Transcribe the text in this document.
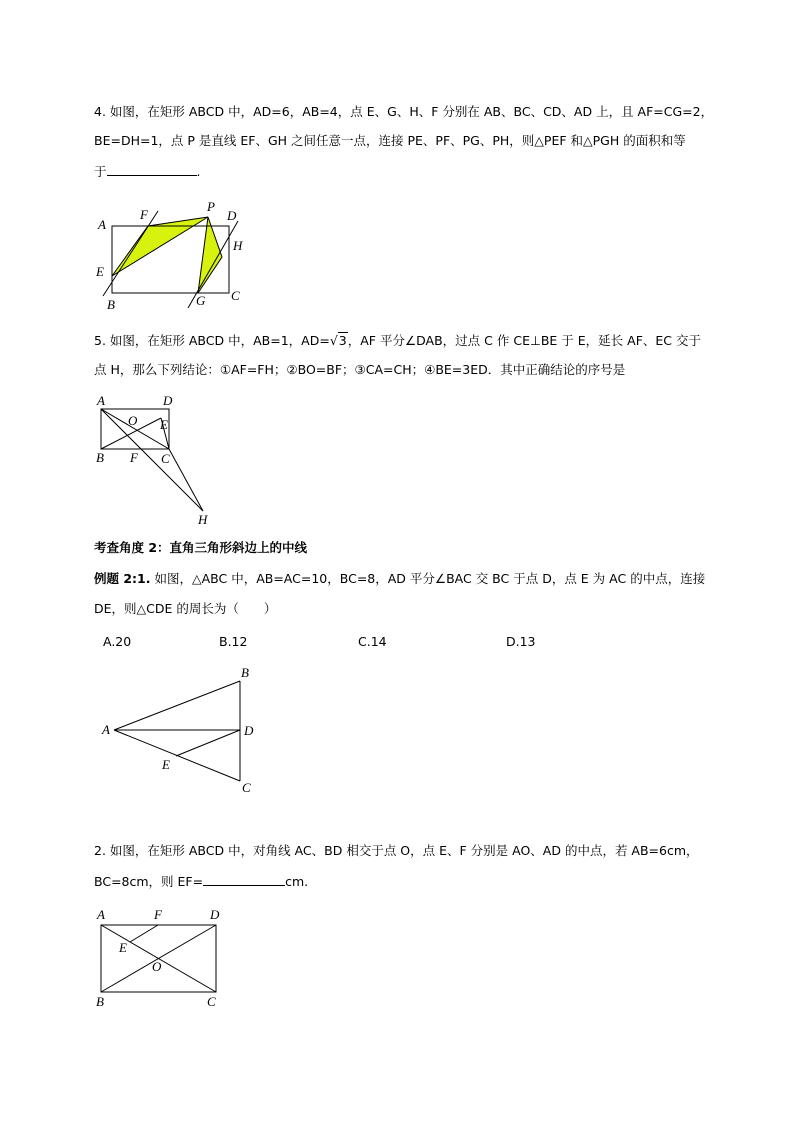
4. 如图，在矩形 ABCD 中，AD=6，AB=4，点 E、G、H、F 分别在 AB、BC、CD、AD 上，且 AF=CG=2，
BE=DH=1，点 P 是直线 EF、GH 之间任意一点，连接 PE、PF、PG、PH，则△PEF 和△PGH 的面积和等
于	.
A
F
P
D
H
E
B	G C
A	D
O E
B F C
H
B
A	D
E
C
A	F	D
E
O
B	C
5. 如图，在矩形 ABCD 中，AB=1，AD=√3，AF 平分∠DAB，过点 C 作 CE⊥BE 于 E，延长 AF、EC 交于
点 H，那么下列结论：①AF=FH；②BO=BF；③CA=CH；④BE=3ED．其中正确结论的序号是
考查角度 2：直角三角形斜边上的中线
例题 2:1. 如图，△ABC 中，AB=AC=10，BC=8，AD 平分∠BAC 交 BC 于点 D，点 E 为 AC 的中点，连接
DE，则△CDE 的周长为（　　）
A.20	B.12	C.14	D.13
2. 如图，在矩形 ABCD 中，对角线 AC、BD 相交于点 O，点 E、F 分别是 AO、AD 的中点，若 AB=6cm，
BC=8cm，则 EF=	cm.
